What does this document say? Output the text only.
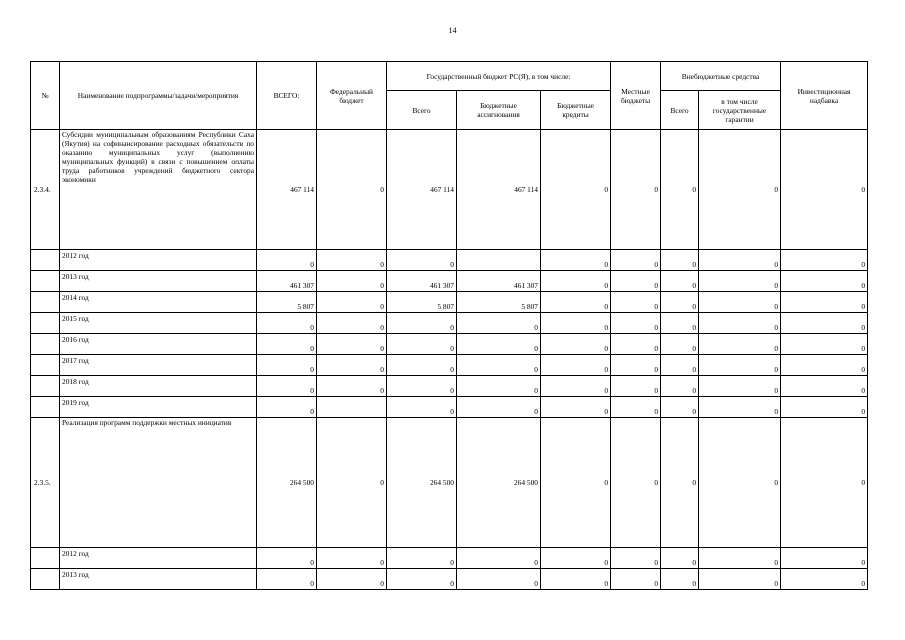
14
№	Наименование подпрограммы/задачи/мероприятия	ВСЕГО:	Федеральный бюджет	Государственный бюджет РС(Я), в том числе:			Местные бюджеты	Внебюджетные средства		Инвестиционная надбавка
				Всего	Бюджетные ассигнования	Бюджетные кредиты		Всего	в том числе государственные гарантии	
2.3.4.	Субсидии муниципальным образованиям Республики Саха (Якутия) на софинансирование расходных обязательств по оказанию муниципальных услуг (выполнению муниципальных функций) в связи с повышением оплаты труда работников учреждений бюджетного сектора экономики	467 114	0	467 114	467 114	0	0	0	0	0
	2012 год	0	0	0		0	0	0	0	0
	2013 год	461 307	0	461 307	461 307	0	0	0	0	0
	2014 год	5 807	0	5 807	5 807	0	0	0	0	0
	2015 год	0	0	0	0	0	0	0	0	0
	2016 год	0	0	0	0	0	0	0	0	0
	2017 год	0	0	0	0	0	0	0	0	0
	2018 год	0	0	0	0	0	0	0	0	0
	2019 год	0		0	0	0	0	0	0	0
2.3.5.	Реализация программ поддержки местных инициатив	264 500	0	264 500	264 500	0	0	0	0	0
	2012 год	0	0	0	0	0	0	0	0	0
	2013 год	0	0	0	0	0	0	0	0	0
